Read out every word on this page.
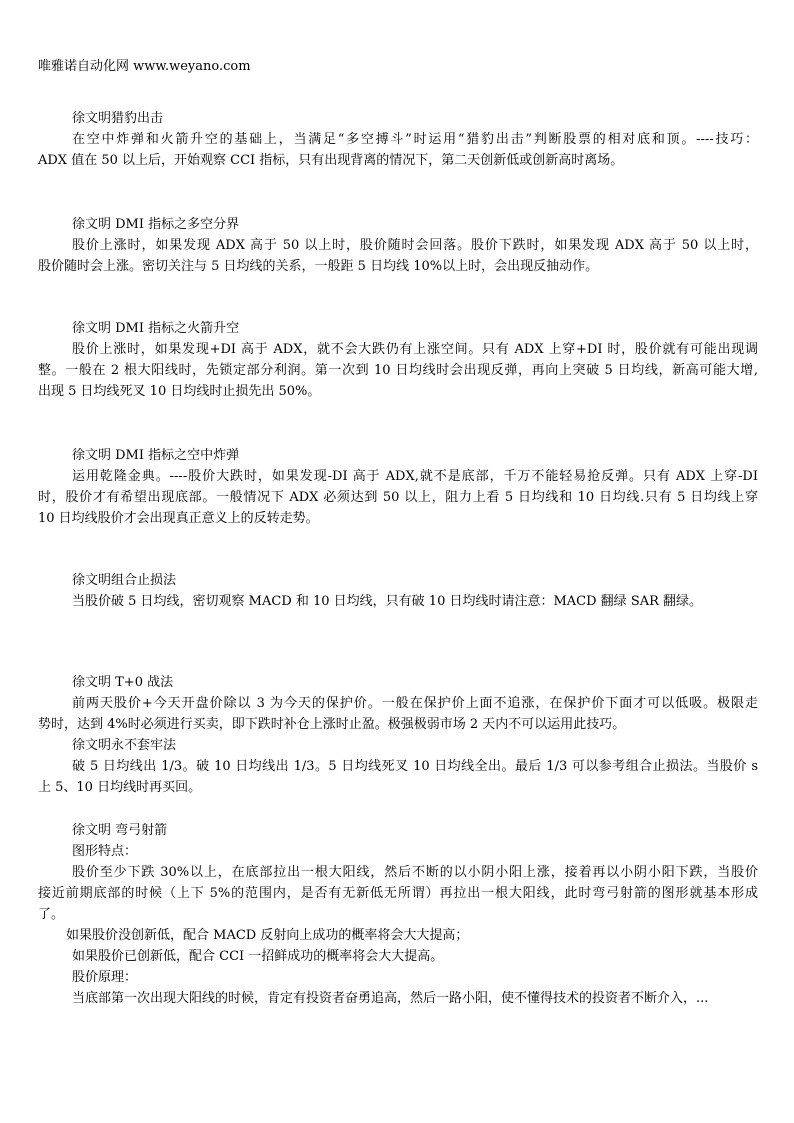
唯雅诺自动化网 www.weyano.com
徐文明猎豹出击
在空中炸弹和火箭升空的基础上，当满足“多空搏斗”时运用“猎豹出击”判断股票的相对底和顶。----技巧：
ADX 值在 50 以上后，开始观察 CCI 指标，只有出现背离的情况下，第二天创新低或创新高时离场。
徐文明 DMI 指标之多空分界
股价上涨时，如果发现 ADX 高于 50 以上时，股价随时会回落。股价下跌时，如果发现 ADX 高于 50 以上时，
股价随时会上涨。密切关注与 5 日均线的关系，一般距 5 日均线 10%以上时，会出现反抽动作。
徐文明 DMI 指标之火箭升空
股价上涨时，如果发现+DI 高于 ADX，就不会大跌仍有上涨空间。只有 ADX 上穿+DI 时，股价就有可能出现调
整。一般在 2 根大阳线时，先锁定部分利润。第一次到 10 日均线时会出现反弹，再向上突破 5 日均线，新高可能大增,
出现 5 日均线死叉 10 日均线时止损先出 50%。
徐文明 DMI 指标之空中炸弹
运用乾隆金典。----股价大跌时，如果发现-DI 高于 ADX,就不是底部，千万不能轻易抢反弹。只有 ADX 上穿-DI
时，股价才有希望出现底部。一般情况下 ADX 必须达到 50 以上，阻力上看 5 日均线和 10 日均线.只有 5 日均线上穿
10 日均线股价才会出现真正意义上的反转走势。
徐文明组合止损法
当股价破 5 日均线，密切观察 MACD 和 10 日均线，只有破 10 日均线时请注意：MACD 翻绿 SAR 翻绿。
徐文明 T+0 战法
前两天股价+今天开盘价除以 3 为今天的保护价。一般在保护价上面不追涨，在保护价下面才可以低吸。极限走
势时，达到 4%时必须进行买卖，即下跌时补仓上涨时止盈。极强极弱市场 2 天内不可以运用此技巧。
徐文明永不套牢法
破 5 日均线出 1/3。破 10 日均线出 1/3。5 日均线死叉 10 日均线全出。最后 1/3 可以参考组合止损法。当股价 s
上 5、10 日均线时再买回。
徐文明 弯弓射箭
图形特点：
股价至少下跌 30%以上，在底部拉出一根大阳线，然后不断的以小阴小阳上涨，接着再以小阴小阳下跌，当股价
接近前期底部的时候（上下 5%的范围内，是否有无新低无所谓）再拉出一根大阳线，此时弯弓射箭的图形就基本形成
了。
如果股价没创新低，配合 MACD 反射向上成功的概率将会大大提高；
如果股价已创新低，配合 CCI 一招鲜成功的概率将会大大提高。
股价原理：
当底部第一次出现大阳线的时候，肯定有投资者奋勇追高，然后一路小阳，使不懂得技术的投资者不断介入，...
